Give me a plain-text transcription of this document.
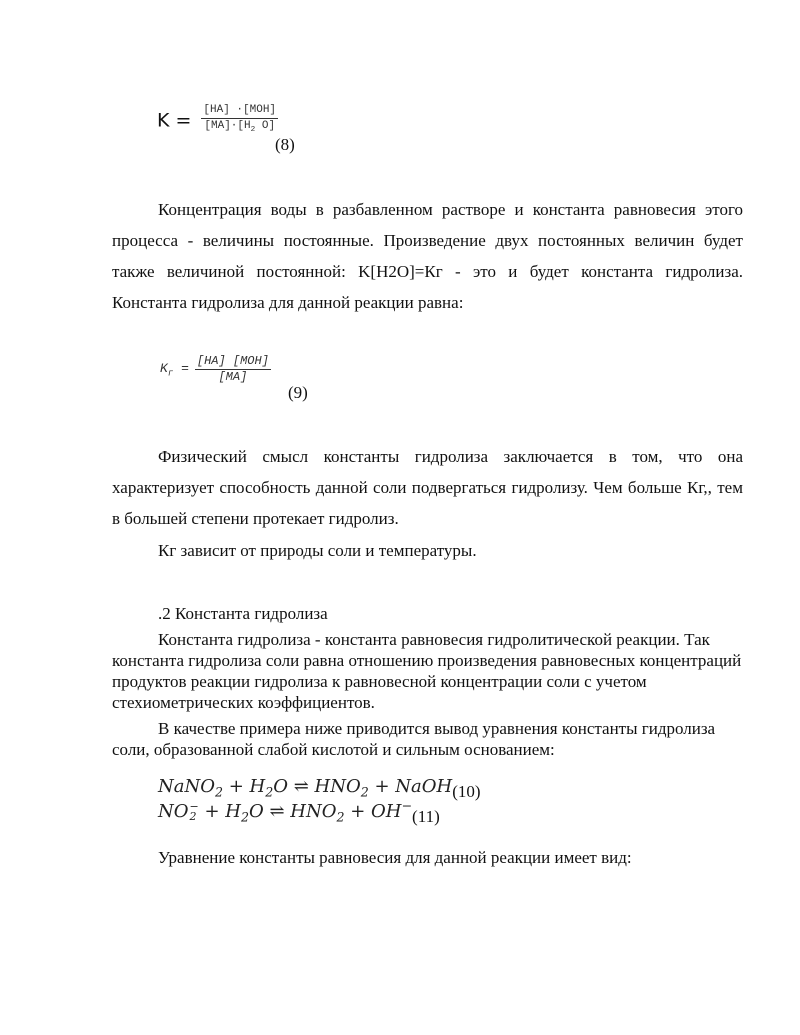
$K = \frac{\text{[HA] ·[MOH]}}{[MA]\cdot[H_2 O]}$
(8)
Концентрация воды в разбавленном растворе и константа равновесия этого процесса - величины постоянные. Произведение двух постоянных величин будет также величиной постоянной: K[H2O]=Кг - это и будет константа гидролиза. Константа гидролиза для данной реакции равна:
$K_г = \frac{\text{[HA] [MOH]}}{[MA]}$
(9)
Физический смысл константы гидролиза заключается в том, что она характеризует способность данной соли подвергаться гидролизу. Чем больше Кг,, тем в большей степени протекает гидролиз.
Кг зависит от природы соли и температуры.
.2 Константа гидролиза
Константа гидролиза - константа равновесия гидролитической реакции. Так константа гидролиза соли равна отношению произведения равновесных концентраций продуктов реакции гидролиза к равновесной концентрации соли с учетом стехиометрических коэффициентов.
В качестве примера ниже приводится вывод уравнения константы гидролиза соли, образованной слабой кислотой и сильным основанием:
NaNO$_2$ + $H_2O$ ⇌ $HNO_2$ + NaOH(10)
NO −
$2 + H_2O$ ⇌ $HNO_2 + OH^-(11)$
Уравнение константы равновесия для данной реакции имеет вид:
